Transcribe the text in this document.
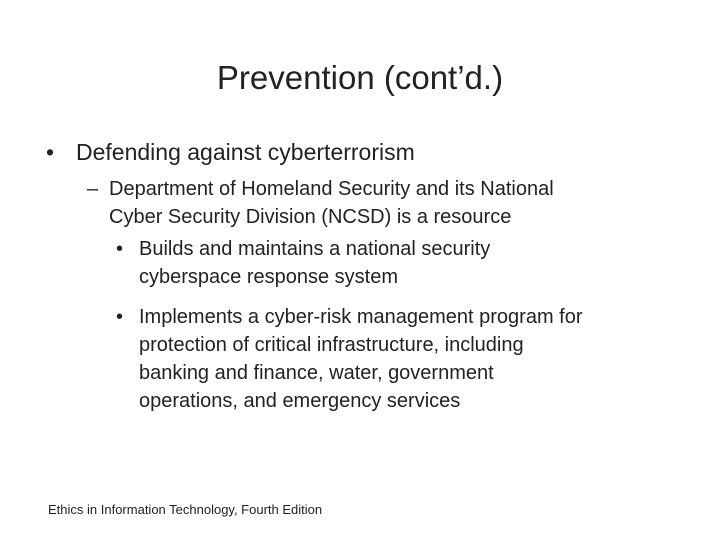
Prevention (cont’d.)
• Defending against cyberterrorism
– Department of Homeland Security and its National
Cyber Security Division (NCSD) is a resource
• Builds and maintains a national security
cyberspace response system
• Implements a cyber-risk management program for
protection of critical infrastructure, including
banking and finance, water, government
operations, and emergency services
Ethics in Information Technology, Fourth Edition
